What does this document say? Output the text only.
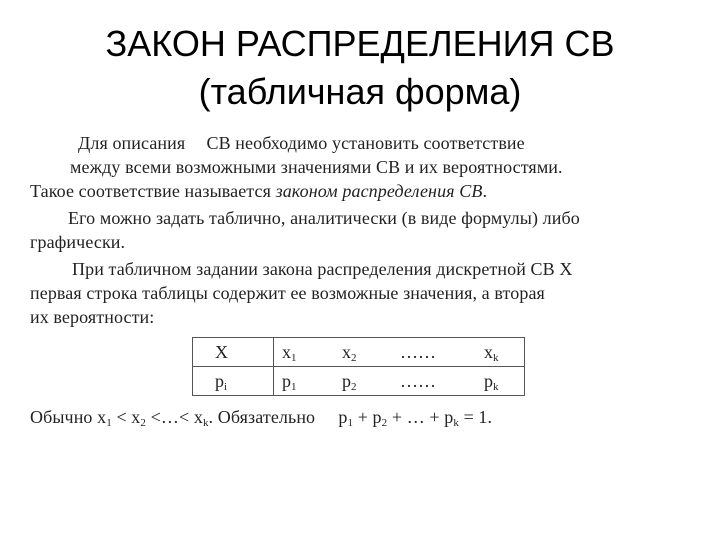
ЗАКОН РАСПРЕДЕЛЕНИЯ СВ
(табличная форма)
Для описания СВ необходимо установить соответствие
между всеми возможными значениями СВ и их вероятностями.
Такое соответствие называется законом распределения СВ.
Его можно задать таблично, аналитически (в виде формулы) либо
графически.
При табличном задании закона распределения дискретной СВ X
первая строка таблицы содержит ее возможные значения, а вторая
их вероятности:
X	$x_1$	$x_2$	……	$x_k$
$p_i$	$p_1$	$p_2$	……	$p_k$
Обычно $x_1 < x_2$ <…< $x_k$. Обязательно $p_1 + p_2$ + … + $p_k = 1$.
